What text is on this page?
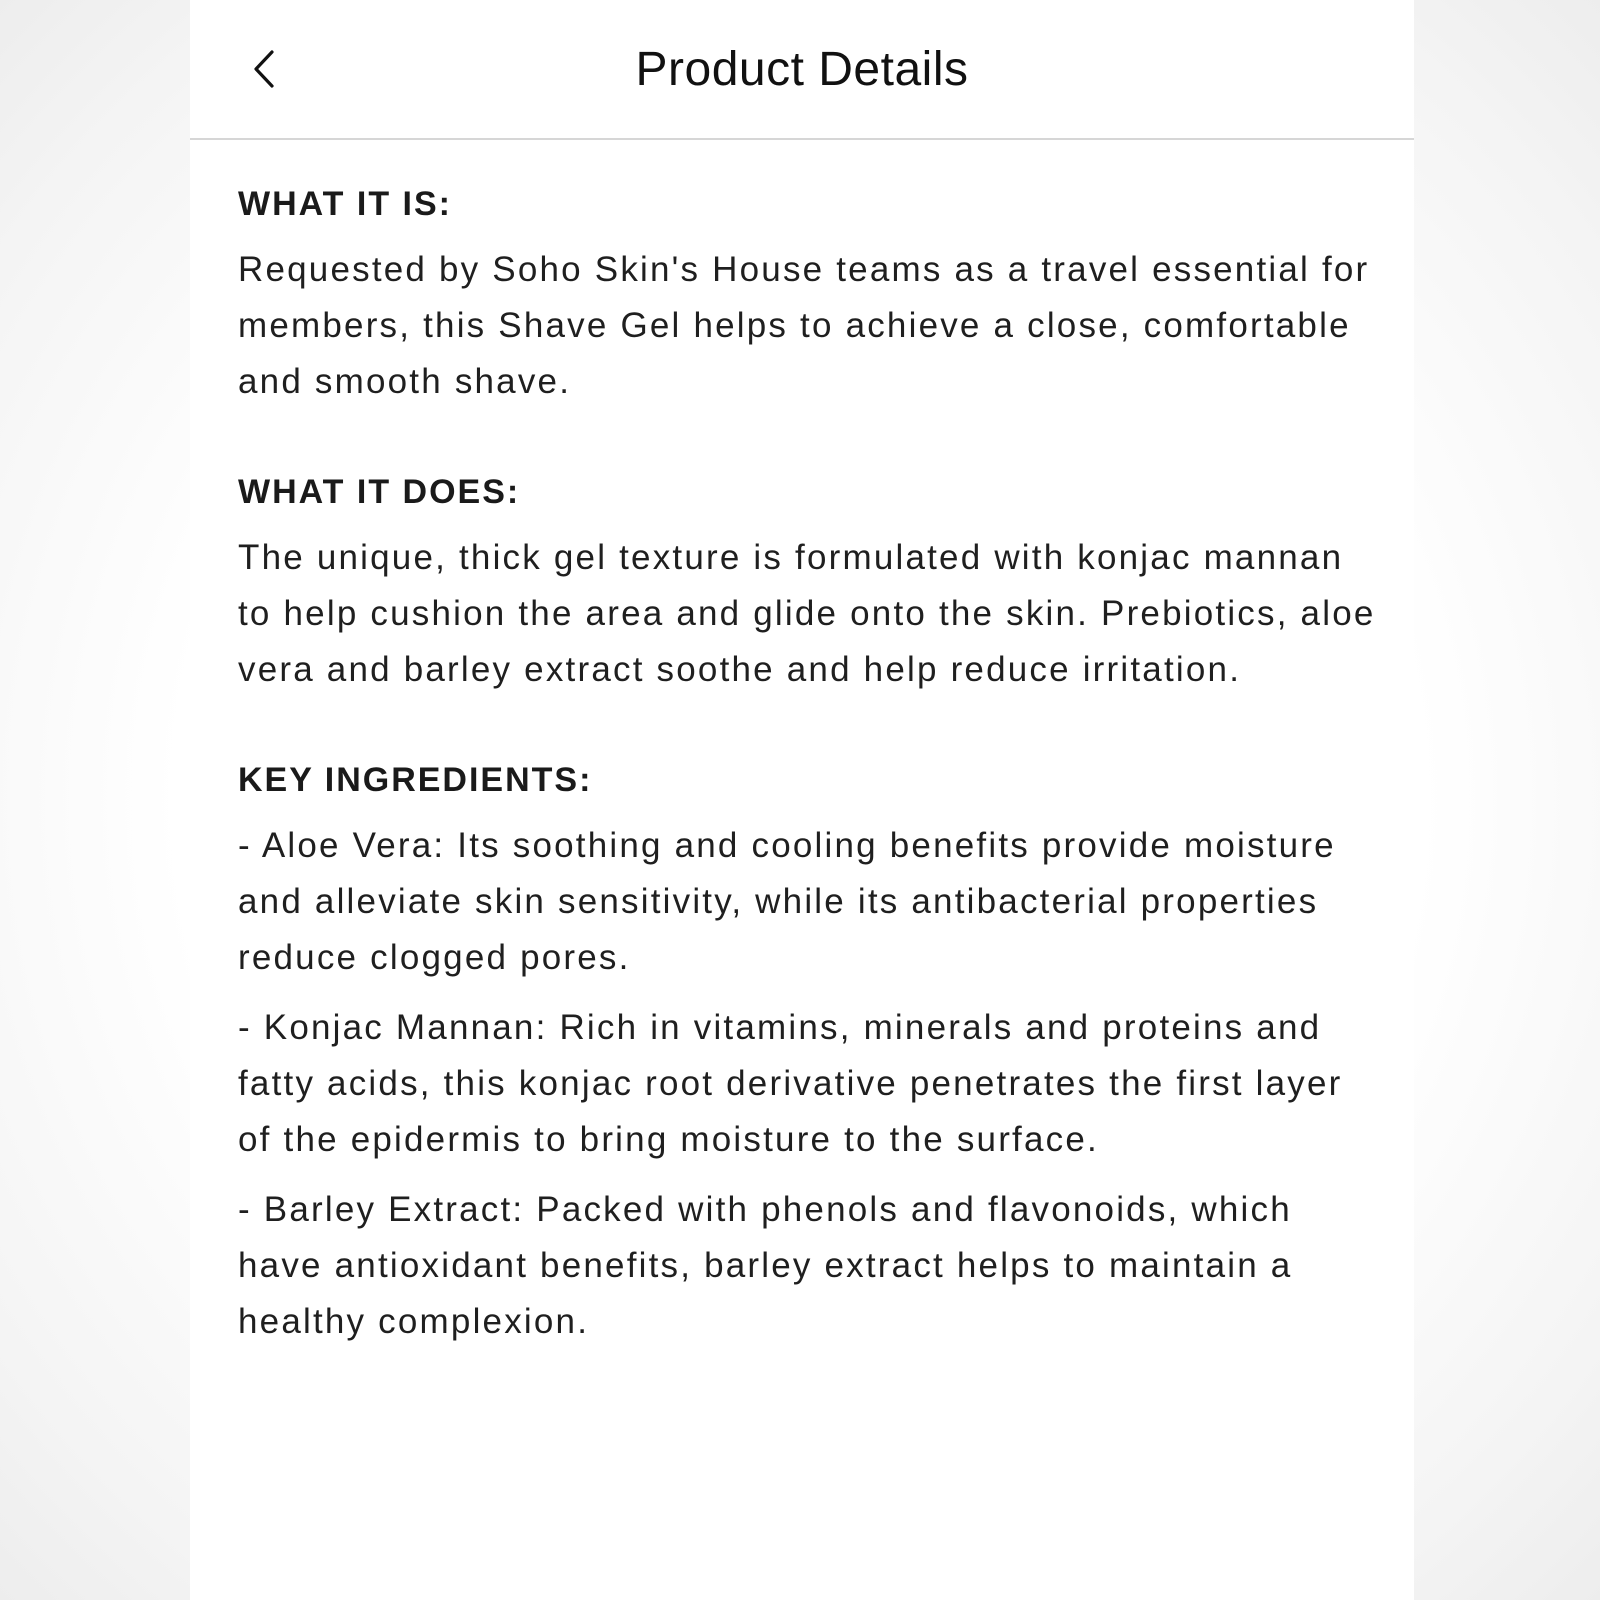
Product Details
WHAT IT IS:

Requested by Soho Skin's House teams as a travel essential for members, this Shave Gel helps to achieve a close, comfortable and smooth shave.

WHAT IT DOES:

The unique, thick gel texture is formulated with konjac mannan to help cushion the area and glide onto the skin. Prebiotics, aloe vera and barley extract soothe and help reduce irritation.

KEY INGREDIENTS:

- Aloe Vera: Its soothing and cooling benefits provide moisture and alleviate skin sensitivity, while its antibacterial properties reduce clogged pores.

- Konjac Mannan: Rich in vitamins, minerals and proteins and fatty acids, this konjac root derivative penetrates the first layer of the epidermis to bring moisture to the surface.

- Barley Extract: Packed with phenols and flavonoids, which have antioxidant benefits, barley extract helps to maintain a healthy complexion.
